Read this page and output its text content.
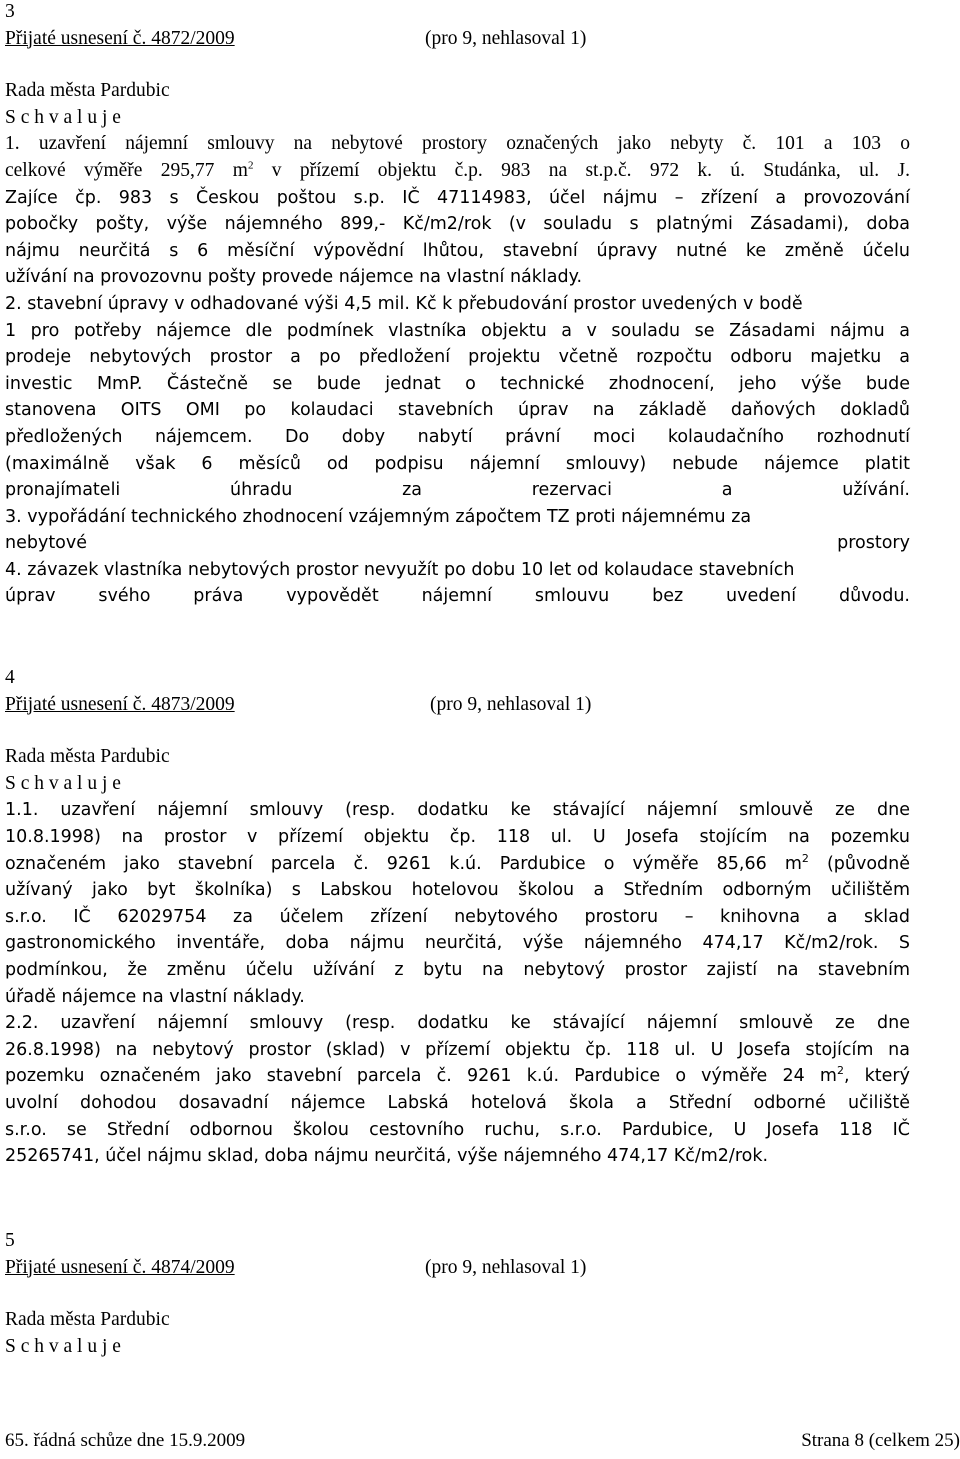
3
Přijaté usnesení č. 4872/2009	(pro 9, nehlasoval 1)
Rada města Pardubic
S c h v a l u j e
1. uzavření nájemní smlouvy na nebytové prostory označených jako nebyty č. 101 a 103 o
celkové výměře 295,77 $m^2$ v přízemí objektu č.p. 983 na st.p.č. 972 k. ú. Studánka, ul. J.
Zajíce čp. 983 s Českou poštou s.p. IČ 47114983, účel nájmu – zřízení a provozování
pobočky pošty, výše nájemného 899,- Kč/m2/rok (v souladu s platnými Zásadami), doba
nájmu neurčitá s 6 měsíční výpovědní lhůtou, stavební úpravy nutné ke změně účelu
užívání na provozovnu pošty provede nájemce na vlastní náklady.
2. stavební úpravy v odhadované výši 4,5 mil. Kč k přebudování prostor uvedených v bodě
1 pro potřeby nájemce dle podmínek vlastníka objektu a v souladu se Zásadami nájmu a
prodeje nebytových prostor a po předložení projektu včetně rozpočtu odboru majetku a
investic MmP. Částečně se bude jednat o technické zhodnocení, jeho výše bude
stanovena OITS OMI po kolaudaci stavebních úprav na základě daňových dokladů
předložených nájemcem. Do doby nabytí právní moci kolaudačního rozhodnutí
(maximálně však 6 měsíců od podpisu nájemní smlouvy) nebude nájemce platit
pronajímateli úhradu za rezervaci a užívání.
3. vypořádání technického zhodnocení vzájemným zápočtem TZ proti nájemnému za
nebytové prostory
4. závazek vlastníka nebytových prostor nevyužít po dobu 10 let od kolaudace stavebních
úprav svého práva vypovědět nájemní smlouvu bez uvedení důvodu.
4
Přijaté usnesení č. 4873/2009	(pro 9, nehlasoval 1)
Rada města Pardubic
S c h v a l u j e
1.1. uzavření nájemní smlouvy (resp. dodatku ke stávající nájemní smlouvě ze dne
10.8.1998) na prostor v přízemí objektu čp. 118 ul. U Josefa stojícím na pozemku
označeném jako stavební parcela č. 9261 k.ú. Pardubice o výměře 85,66 $m^2$ (původně
užívaný jako byt školníka) s Labskou hotelovou školou a Středním odborným učilištěm
s.r.o. IČ 62029754 za účelem zřízení nebytového prostoru – knihovna a sklad
gastronomického inventáře, doba nájmu neurčitá, výše nájemného 474,17 Kč/m2/rok. S
podmínkou, že změnu účelu užívání z bytu na nebytový prostor zajistí na stavebním
úřadě nájemce na vlastní náklady.
2.2. uzavření nájemní smlouvy (resp. dodatku ke stávající nájemní smlouvě ze dne
26.8.1998) na nebytový prostor (sklad) v přízemí objektu čp. 118 ul. U Josefa stojícím na
pozemku označeném jako stavební parcela č. 9261 k.ú. Pardubice o výměře 24 $m^2$, který
uvolní dohodou dosavadní nájemce Labská hotelová škola a Střední odborné učiliště
s.r.o. se Střední odbornou školou cestovního ruchu, s.r.o. Pardubice, U Josefa 118 IČ
25265741, účel nájmu sklad, doba nájmu neurčitá, výše nájemného 474,17 Kč/m2/rok.
5
Přijaté usnesení č. 4874/2009	(pro 9, nehlasoval 1)
Rada města Pardubic
S c h v a l u j e
65. řádná schůze dne 15.9.2009	Strana 8 (celkem 25)
